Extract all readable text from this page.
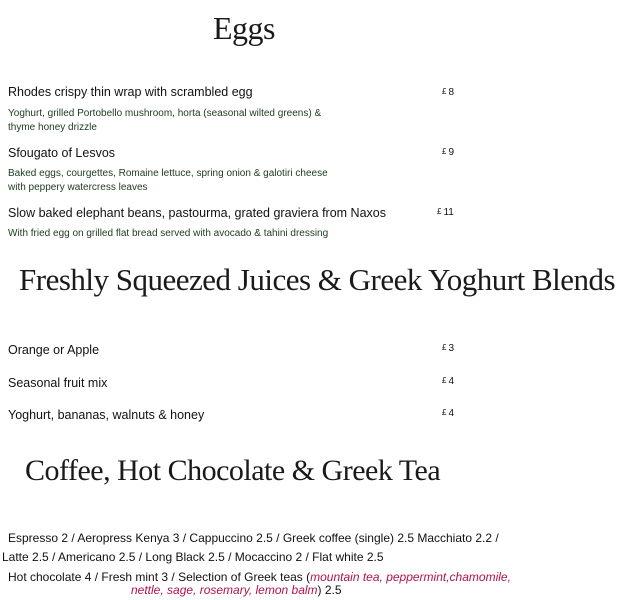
Eggs
Rhodes crispy thin wrap with scrambled egg	£ 8
Yoghurt, grilled Portobello mushroom, horta (seasonal wilted greens) &
thyme honey drizzle
Sfougato of Lesvos	£ 9
Baked eggs, courgettes, Romaine lettuce, spring onion & galotiri cheese
with peppery watercress leaves
Slow baked elephant beans, pastourma, grated graviera from Naxos	£ 11
With fried egg on grilled flat bread served with avocado & tahini dressing
Freshly Squeezed Juices & Greek Yoghurt Blends
Orange or Apple	£ 3
Seasonal fruit mix	£ 4
Yoghurt, bananas, walnuts & honey	£ 4
Coffee, Hot Chocolate & Greek Tea
Espresso 2 / Aeropress Kenya 3 / Cappuccino 2.5 / Greek coffee (single) 2.5 Macchiato 2.2 /
Latte 2.5 / Americano 2.5 / Long Black 2.5 / Mocaccino 2 / Flat white 2.5
Hot chocolate 4 / Fresh mint 3 / Selection of Greek teas (mountain tea, peppermint,chamomile,
nettle, sage, rosemary, lemon balm) 2.5
